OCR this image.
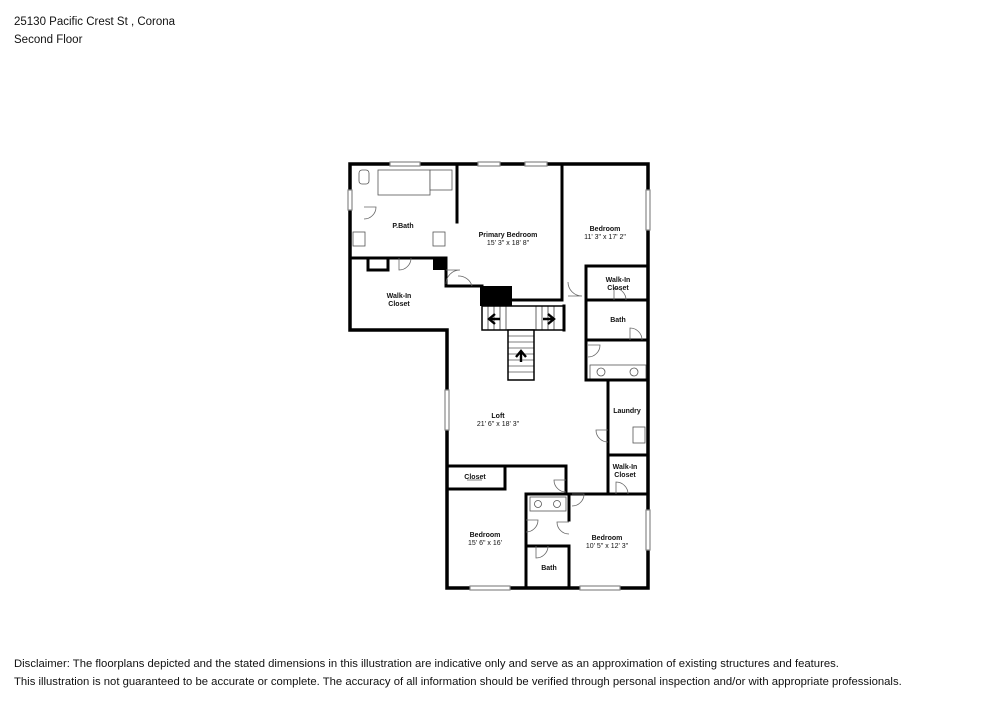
25130 Pacific Crest St , Corona
Second Floor
P.Bath
Primary Bedroom
15' 3" x 18' 8"
Bedroom
11' 3" x 17' 2"
Walk-In Closet
Walk-In Closet
Bath
Loft
21' 6" x 18' 3"
Laundry
Closet
Walk-In Closet
Bedroom
15' 6" x 16'
Bedroom
10' 5" x 12' 3"
Bath
Disclaimer: The floorplans depicted and the stated dimensions in this illustration are indicative only and serve as an approximation of existing structures and features.
This illustration is not guaranteed to be accurate or complete. The accuracy of all information should be verified through personal inspection and/or with appropriate professionals.
